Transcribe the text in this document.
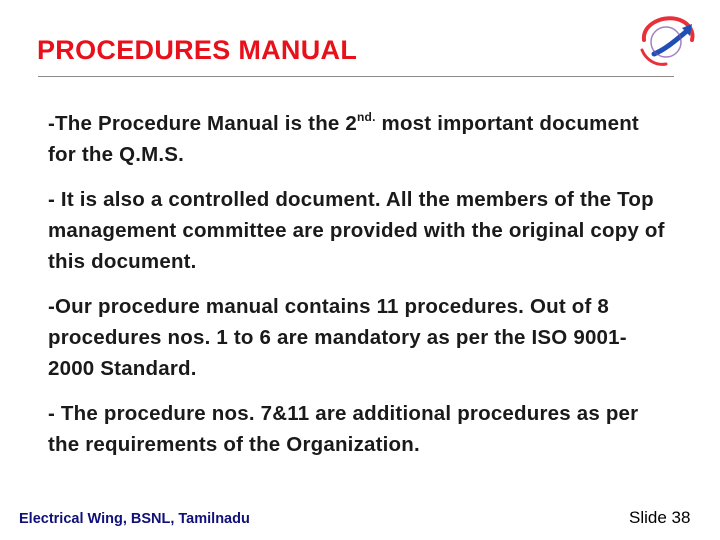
PROCEDURES MANUAL

-The Procedure Manual is the $2^{nd.}$ most important document for the Q.M.S.

- It is also a controlled document. All the members of the Top management committee are provided with the original copy of this document.

-Our procedure manual contains 11 procedures. Out of 8 procedures nos. 1 to 6 are mandatory as per the ISO 9001-2000 Standard.

- The procedure nos. 7&11 are additional procedures as per the requirements of the Organization.

Electrical Wing, BSNL, Tamilnadu	Slide 38
